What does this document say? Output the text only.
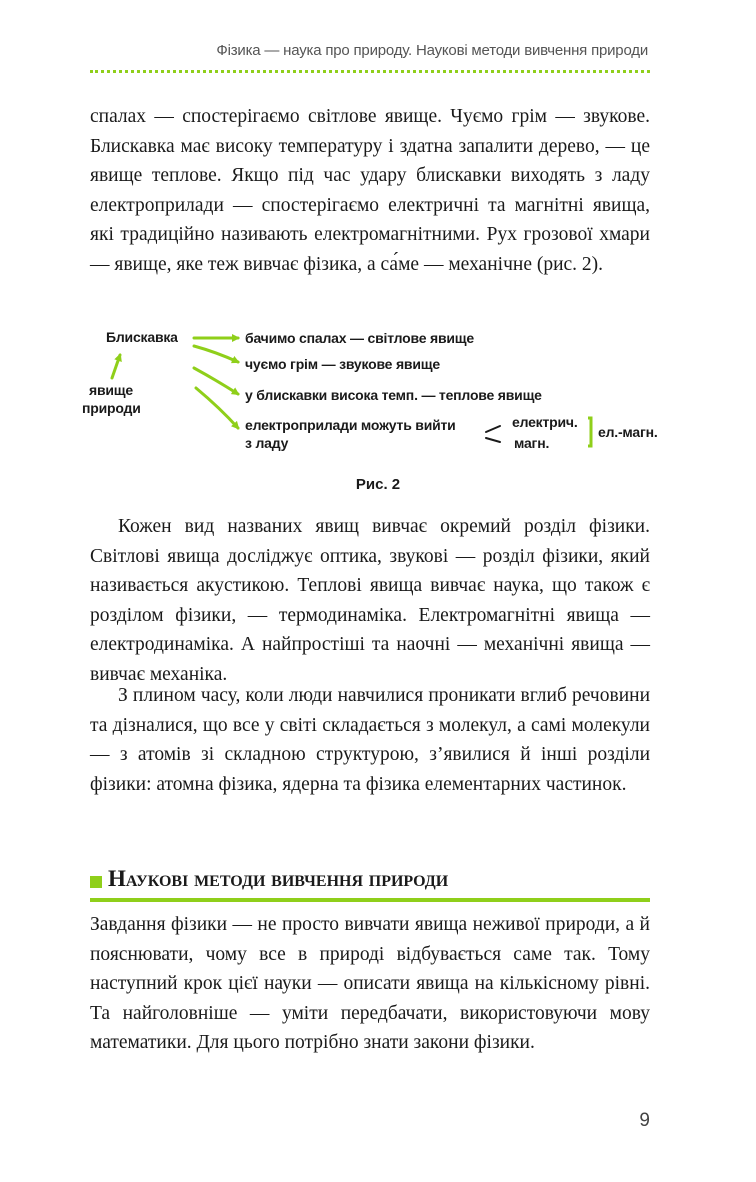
Фізика — наука про природу. Наукові методи вивчення природи

спалах — спостерігаємо світлове явище. Чуємо грім — звукове. Блискавка має високу температуру і здатна запалити дерево, — це явище теплове. Якщо під час удару блискавки виходять з ладу електроприлади — спостерігаємо електричні та магнітні явища, які традиційно називають електромагнітними. Рух грозової хмари — явище, яке теж вивчає фізика, а са́ме — механічне (рис. 2).

Блискавка
явище
природи
бачимо спалах — світлове явище
чуємо грім — звукове явище
у блискавки висока темп. — теплове явище
електроприлади можуть вийти
з ладу
електрич.
магн.
ел.-магн.
Рис. 2

Кожен вид названих явищ вивчає окремий розділ фізики. Світлові явища досліджує оптика, звукові — розділ фізики, який називається акустикою. Теплові явища вивчає наука, що також є розділом фізики, — термодинаміка. Електромагнітні явища — електродинаміка. А найпростіші та наочні — механічні явища — вивчає механіка.

З плином часу, коли люди навчилися проникати вглиб речовини та дізналися, що все у світі складається з молекул, а самі молекули — з атомів зі складною структурою, з’явилися й інші розділи фізики: атомна фізика, ядерна та фізика елементарних частинок.

Наукові методи вивчення природи

Завдання фізики — не просто вивчати явища неживої природи, а й пояснювати, чому все в природі відбувається саме так. Тому наступний крок цієї науки — описати явища на кількісному рівні. Та найголовніше — уміти передбачати, використовуючи мову математики. Для цього потрібно знати закони фізики.

9
